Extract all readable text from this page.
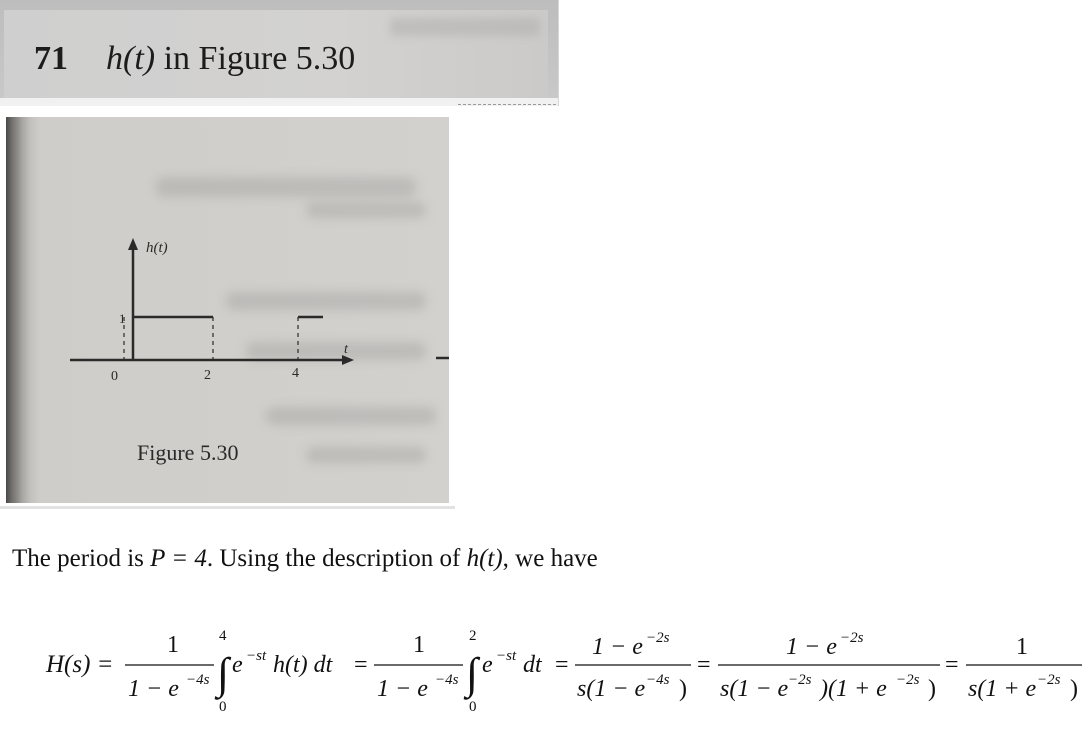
71 h(t) in Figure 5.30
h(t)
t
1
0	2	4
Figure 5.30
The period is P = 4. Using the description of h(t), we have
H(s) =
1
1 − e −4s
4
∫
0
e −st h(t) dt =
1
1 − e −4s
2
∫
0
e −st dt =
1 − e −2s
s(1 − e −4s )
=
1 − e −2s
s(1 − e −2s )(1 + e −2s )
=
1
s(1 + e −2s )
